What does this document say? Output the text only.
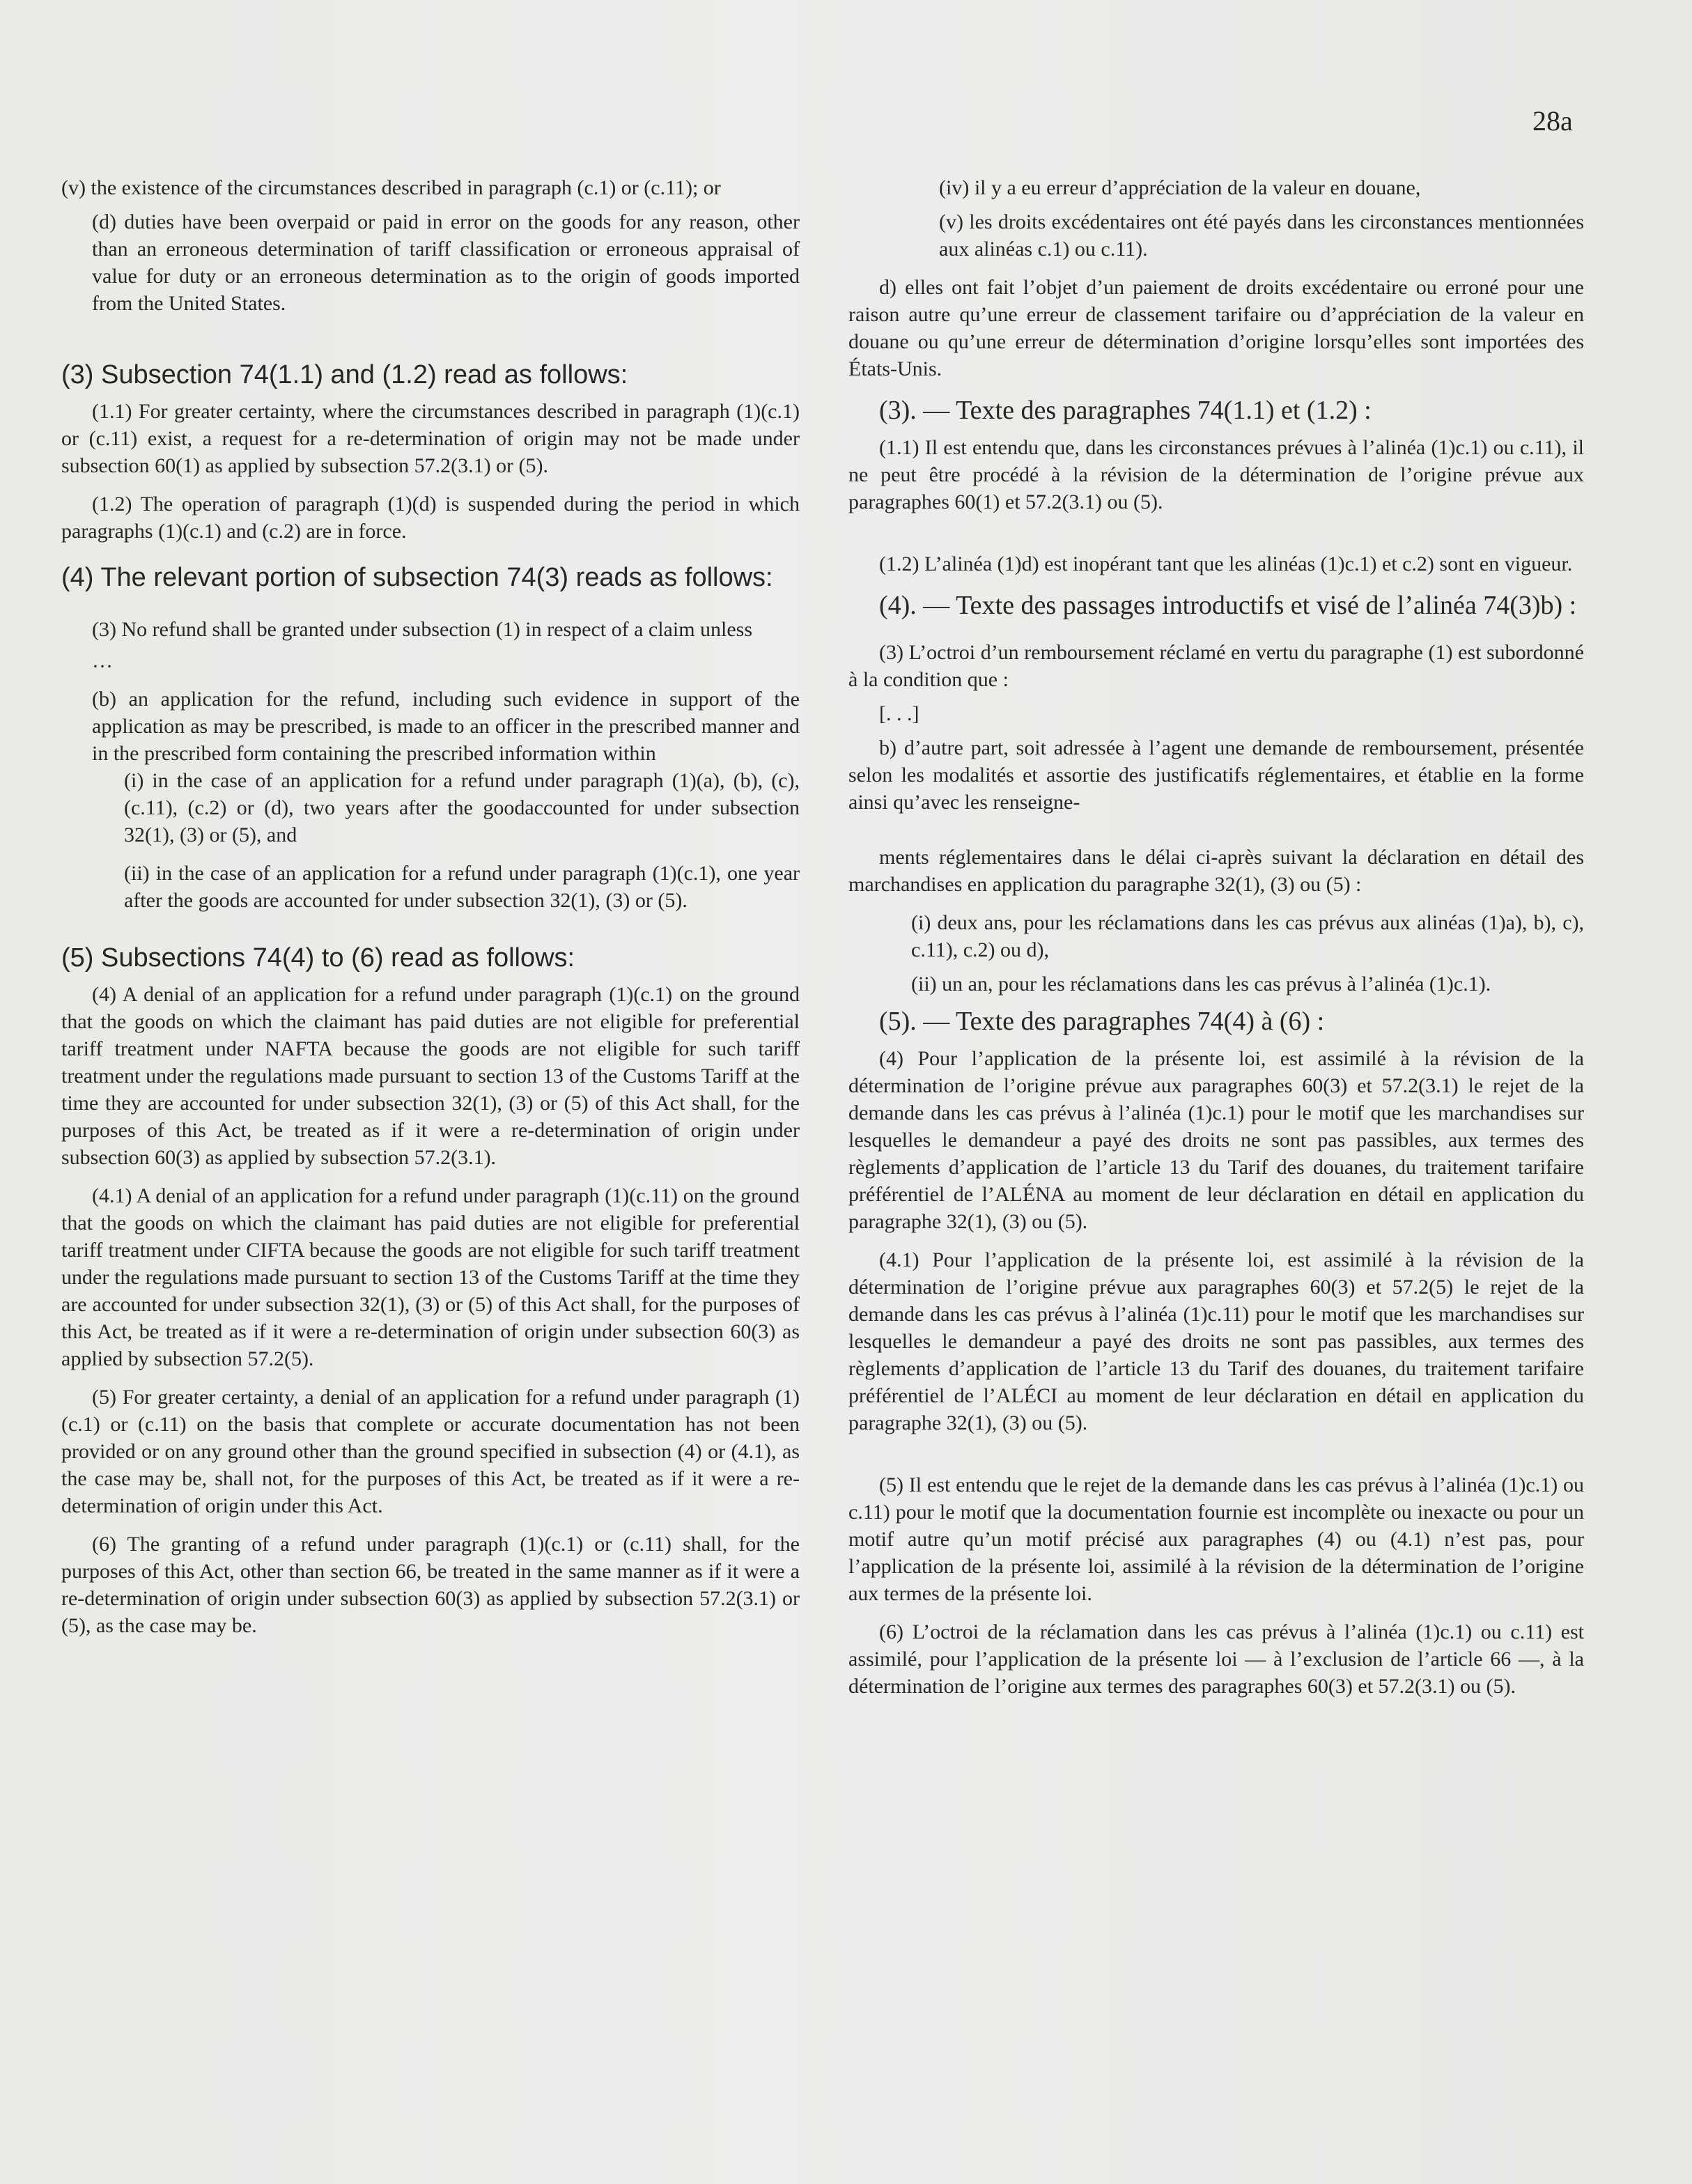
28a

(v) the existence of the circumstances described in paragraph (c.1) or (c.11); or

(d) duties have been overpaid or paid in error on the goods for any reason, other than an erroneous determination of tariff classification or erroneous appraisal of value for duty or an erroneous determination as to the origin of goods imported from the United States.

(3) Subsection 74(1.1) and (1.2) read as follows:

(1.1) For greater certainty, where the circumstances described in paragraph (1)(c.1) or (c.11) exist, a request for a re-determination of origin may not be made under subsection 60(1) as applied by subsection 57.2(3.1) or (5).

(1.2) The operation of paragraph (1)(d) is suspended during the period in which paragraphs (1)(c.1) and (c.2) are in force.

(4) The relevant portion of subsection 74(3) reads as follows:

(3) No refund shall be granted under subsection (1) in respect of a claim unless

…

(b) an application for the refund, including such evidence in support of the application as may be prescribed, is made to an officer in the prescribed manner and in the prescribed form containing the prescribed information within

(i) in the case of an application for a refund under paragraph (1)(a), (b), (c), (c.11), (c.2) or (d), two years after the goodaccounted for under subsection 32(1), (3) or (5), and

(ii) in the case of an application for a refund under paragraph (1)(c.1), one year after the goods are accounted for under subsection 32(1), (3) or (5).

(5) Subsections 74(4) to (6) read as follows:

(4) A denial of an application for a refund under paragraph (1)(c.1) on the ground that the goods on which the claimant has paid duties are not eligible for preferential tariff treatment under NAFTA because the goods are not eligible for such tariff treatment under the regulations made pursuant to section 13 of the Customs Tariff at the time they are accounted for under subsection 32(1), (3) or (5) of this Act shall, for the purposes of this Act, be treated as if it were a re-determination of origin under subsection 60(3) as applied by subsection 57.2(3.1).

(4.1) A denial of an application for a refund under paragraph (1)(c.11) on the ground that the goods on which the claimant has paid duties are not eligible for preferential tariff treatment under CIFTA because the goods are not eligible for such tariff treatment under the regulations made pursuant to section 13 of the Customs Tariff at the time they are accounted for under subsection 32(1), (3) or (5) of this Act shall, for the purposes of this Act, be treated as if it were a re-determination of origin under subsection 60(3) as applied by subsection 57.2(5).

(5) For greater certainty, a denial of an application for a refund under paragraph (1)(c.1) or (c.11) on the basis that complete or accurate documentation has not been provided or on any ground other than the ground specified in subsection (4) or (4.1), as the case may be, shall not, for the purposes of this Act, be treated as if it were a re-determination of origin under this Act.

(6) The granting of a refund under paragraph (1)(c.1) or (c.11) shall, for the purposes of this Act, other than section 66, be treated in the same manner as if it were a re-determination of origin under subsection 60(3) as applied by subsection 57.2(3.1) or (5), as the case may be.

(iv) il y a eu erreur d’appréciation de la valeur en douane,

(v) les droits excédentaires ont été payés dans les circonstances mentionnées aux alinéas c.1) ou c.11).

d) elles ont fait l’objet d’un paiement de droits excédentaire ou erroné pour une raison autre qu’une erreur de classement tarifaire ou d’appréciation de la valeur en douane ou qu’une erreur de détermination d’origine lorsqu’elles sont importées des États-Unis.

(3). — Texte des paragraphes 74(1.1) et (1.2) :

(1.1) Il est entendu que, dans les circonstances prévues à l’alinéa (1)c.1) ou c.11), il ne peut être procédé à la révision de la détermination de l’origine prévue aux paragraphes 60(1) et 57.2(3.1) ou (5).

(1.2) L’alinéa (1)d) est inopérant tant que les alinéas (1)c.1) et c.2) sont en vigueur.

(4). — Texte des passages introductifs et visé de l’alinéa 74(3)b) :

(3) L’octroi d’un remboursement réclamé en vertu du paragraphe (1) est subordonné à la condition que :

[. . .]

b) d’autre part, soit adressée à l’agent une demande de remboursement, présentée selon les modalités et assortie des justificatifs réglementaires, et établie en la forme ainsi qu’avec les renseigne-

ments réglementaires dans le délai ci-après suivant la déclaration en détail des marchandises en application du paragraphe 32(1), (3) ou (5) :

(i) deux ans, pour les réclamations dans les cas prévus aux alinéas (1)a), b), c), c.11), c.2) ou d),

(ii) un an, pour les réclamations dans les cas prévus à l’alinéa (1)c.1).

(5). — Texte des paragraphes 74(4) à (6) :

(4) Pour l’application de la présente loi, est assimilé à la révision de la détermination de l’origine prévue aux paragraphes 60(3) et 57.2(3.1) le rejet de la demande dans les cas prévus à l’alinéa (1)c.1) pour le motif que les marchandises sur lesquelles le demandeur a payé des droits ne sont pas passibles, aux termes des règlements d’application de l’article 13 du Tarif des douanes, du traitement tarifaire préférentiel de l’ALÉNA au moment de leur déclaration en détail en application du paragraphe 32(1), (3) ou (5).

(4.1) Pour l’application de la présente loi, est assimilé à la révision de la détermination de l’origine prévue aux paragraphes 60(3) et 57.2(5) le rejet de la demande dans les cas prévus à l’alinéa (1)c.11) pour le motif que les marchandises sur lesquelles le demandeur a payé des droits ne sont pas passibles, aux termes des règlements d’application de l’article 13 du Tarif des douanes, du traitement tarifaire préférentiel de l’ALÉCI au moment de leur déclaration en détail en application du paragraphe 32(1), (3) ou (5).

(5) Il est entendu que le rejet de la demande dans les cas prévus à l’alinéa (1)c.1) ou c.11) pour le motif que la documentation fournie est incomplète ou inexacte ou pour un motif autre qu’un motif précisé aux paragraphes (4) ou (4.1) n’est pas, pour l’application de la présente loi, assimilé à la révision de la détermination de l’origine aux termes de la présente loi.

(6) L’octroi de la réclamation dans les cas prévus à l’alinéa (1)c.1) ou c.11) est assimilé, pour l’application de la présente loi — à l’exclusion de l’article 66 —, à la détermination de l’origine aux termes des paragraphes 60(3) et 57.2(3.1) ou (5).
